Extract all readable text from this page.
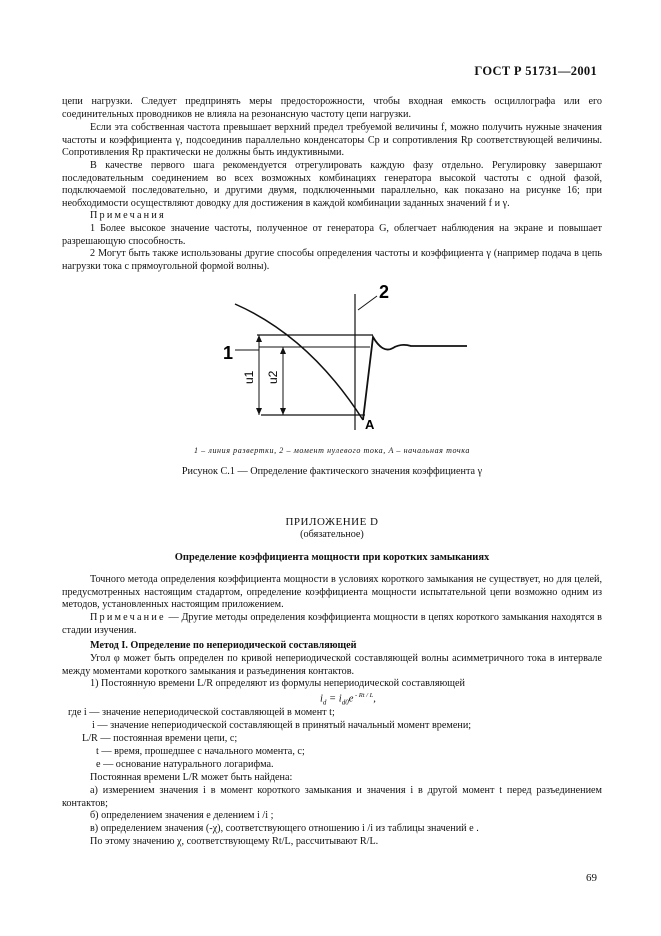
ГОСТ Р 51731—2001
цепи нагрузки. Следует предпринять меры предосторожности, чтобы входная емкость осциллографа или его соединительных проводников не влияла на резонансную частоту цепи нагрузки.
Если эта собственная частота превышает верхний предел требуемой величины f, можно получить нужные значения частоты и коэффициента γ, подсоединив параллельно конденсаторы Cp и сопротивления Rp соответствующей величины. Сопротивления Rp практически не должны быть индуктивными.
В качестве первого шага рекомендуется отрегулировать каждую фазу отдельно. Регулировку завершают последовательным соединением во всех возможных комбинациях генератора высокой частоты с одной фазой, подключаемой последовательно, и другими двумя, подключенными параллельно, как показано на рисунке 16; при необходимости осуществляют доводку для достижения в каждой комбинации заданных значений f и γ.
Примечания
1 Более высокое значение частоты, полученное от генератора G, облегчает наблюдения на экране и повышает разрешающую способность.
2 Могут быть также использованы другие способы определения частоты и коэффициента γ (например подача в цепь нагрузки тока с прямоугольной формой волны).
2
1
A
u1 u2
1 – линия развертки, 2 – момент нулевого тока, A – начальная точка
Рисунок С.1 — Определение фактического значения коэффициента γ
ПРИЛОЖЕНИЕ D
(обязательное)
Определение коэффициента мощности при коротких замыканиях
Точного метода определения коэффициента мощности в условиях короткого замыкания не существует, но для целей, предусмотренных настоящим стадартом, определение коэффициента мощности испытательной цепи возможно одним из методов, установленных настоящим приложением.
Примечание — Другие методы определения коэффициента мощности в цепях короткого замыкания находятся в стадии изучения.
Метод I. Определение по непериодической составляющей
Угол φ может быть определен по кривой непериодической составляющей волны асимметричного тока в интервале между моментами короткого замыкания и разъединения контактов.
1) Постоянную времени L/R определяют из формулы непериодической составляющей
$i_d = i_{d0}e$ $^{- Rt / L}$,
где i — значение непериодической составляющей в момент t;
i — значение непериодической составляющей в принятый начальный момент времени;
L/R — постоянная времени цепи, с;
t — время, прошедшее с начального момента, с;
e — основание натурального логарифма.
Постоянная времени L/R может быть найдена:
а) измерением значения i в момент короткого замыкания и значения i в другой момент t перед разъединением контактов;
б) определением значения e делением i /i ;
в) определением значения (-χ), соответствующего отношению i /i из таблицы значений e .
По этому значению χ, соответствующему Rt/L, рассчитывают R/L.
69
